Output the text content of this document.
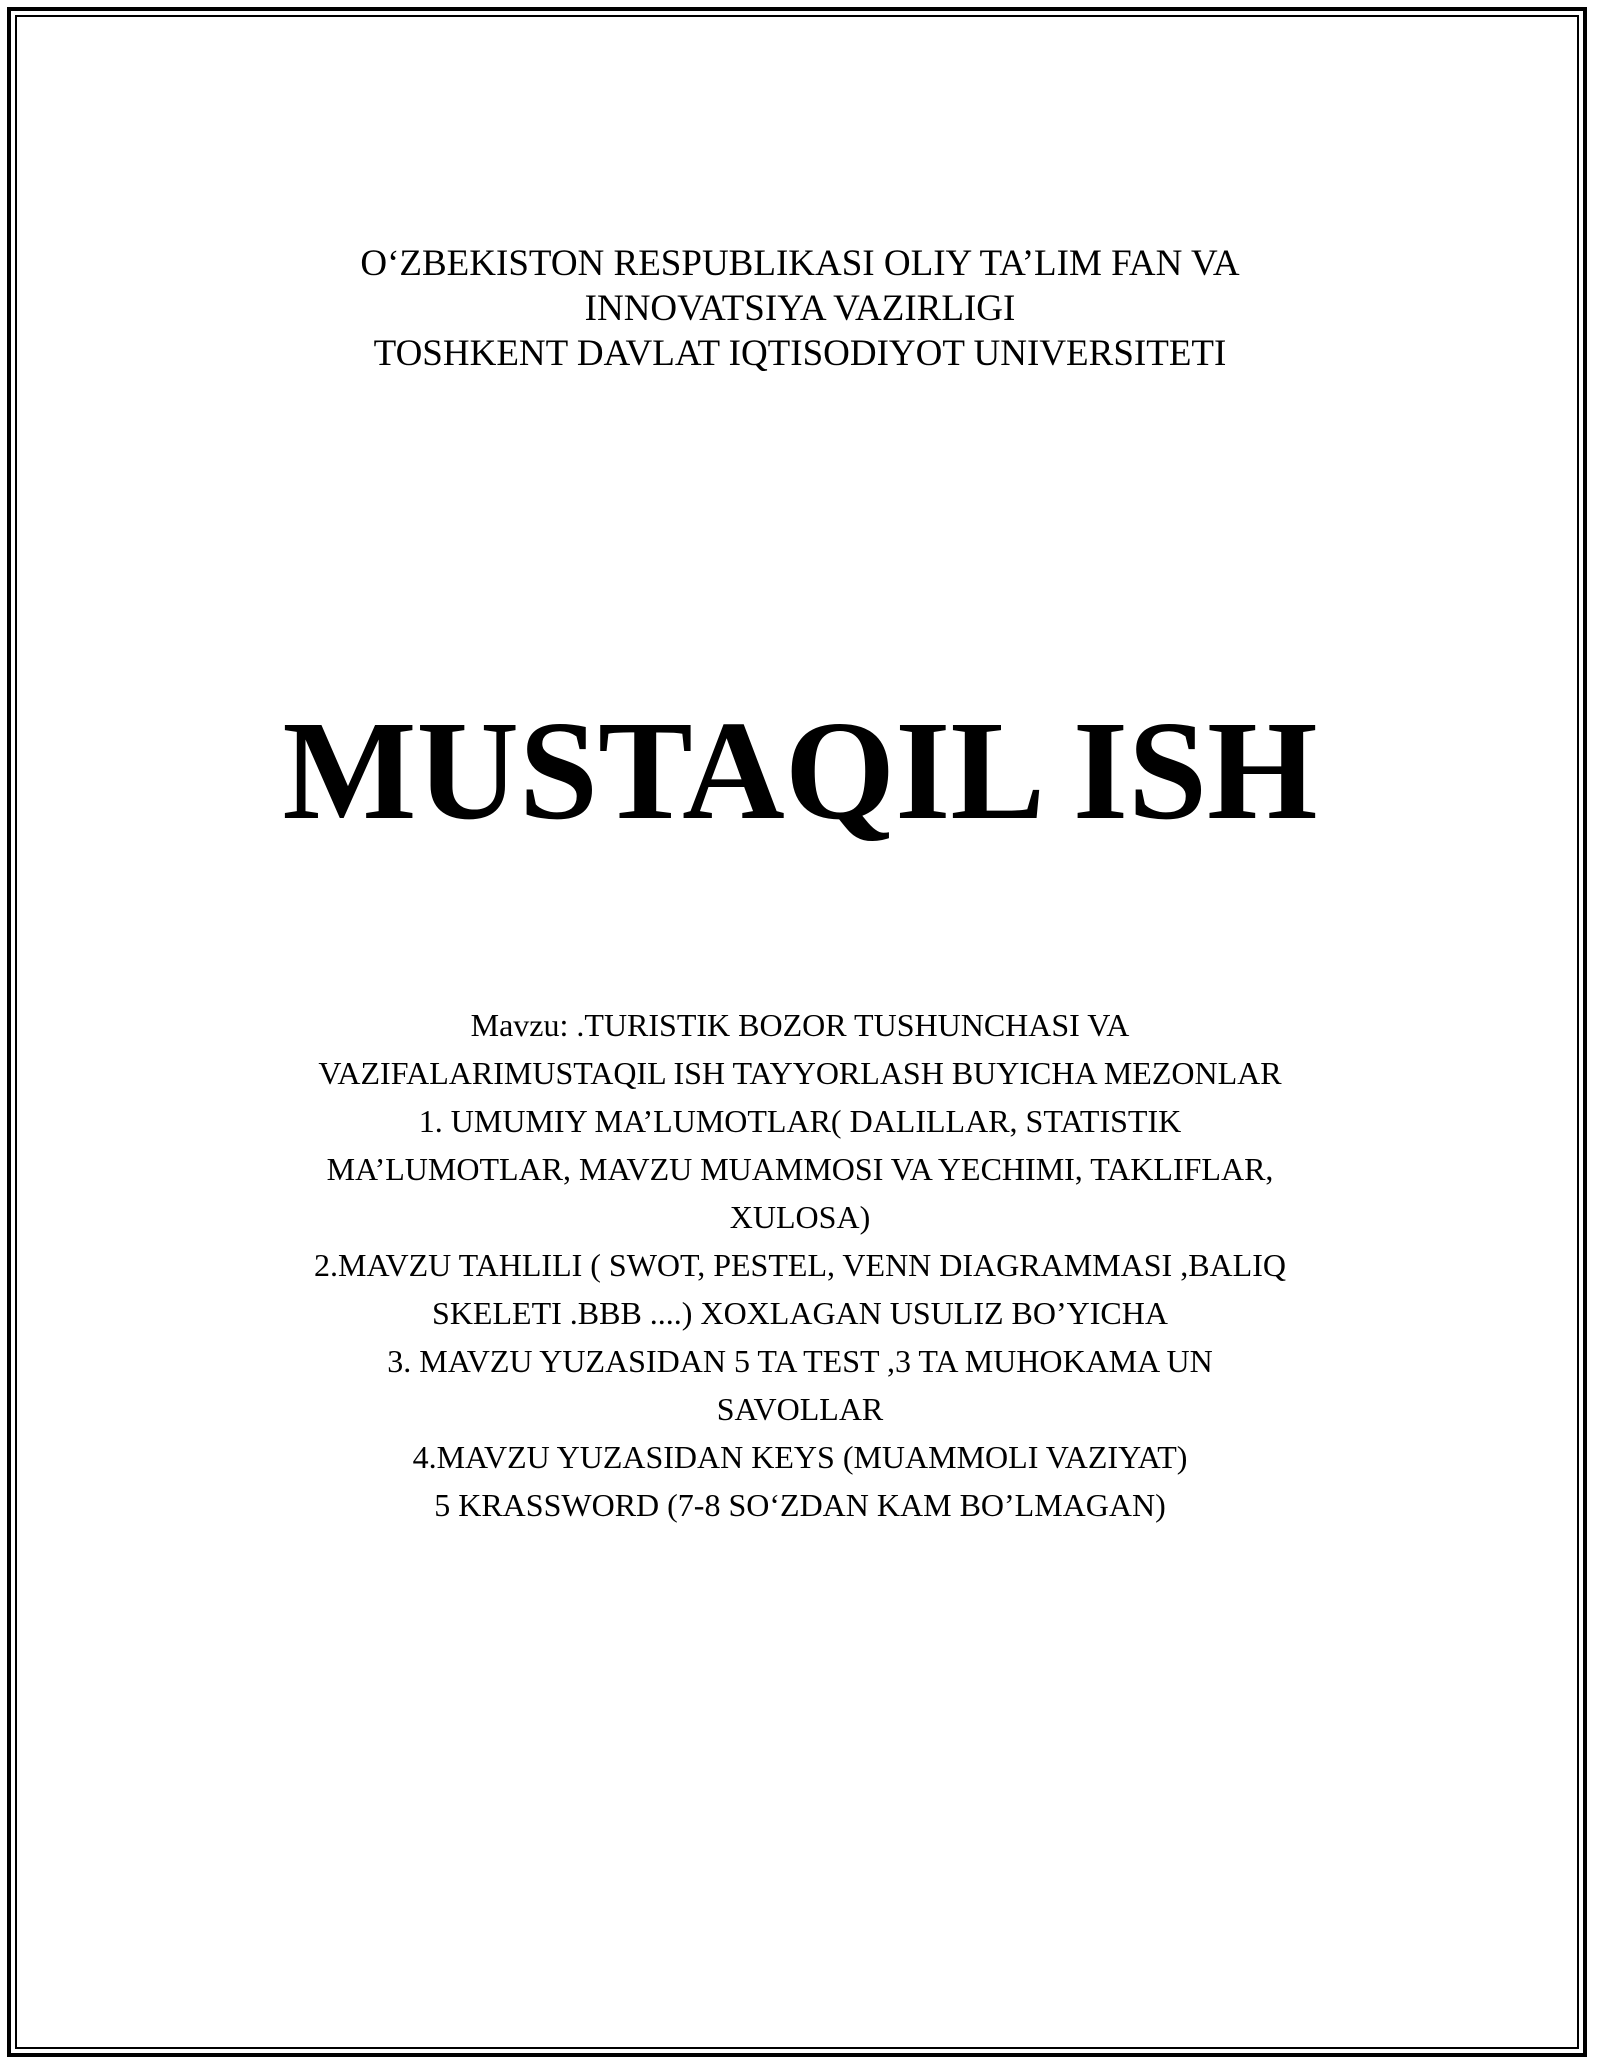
O‘ZBEKISTON RESPUBLIKASI OLIY TA’LIM FAN VA
INNOVATSIYA VAZIRLIGI
TOSHKENT DAVLAT IQTISODIYOT UNIVERSITETI
MUSTAQIL ISH
Mavzu: .TURISTIK BOZOR TUSHUNCHASI VA
VAZIFALARIMUSTAQIL ISH TAYYORLASH BUYICHA MEZONLAR
1. UMUMIY MA’LUMOTLAR( DALILLAR, STATISTIK
MA’LUMOTLAR, MAVZU MUAMMOSI VA YECHIMI, TAKLIFLAR,
XULOSA)
2.MAVZU TAHLILI ( SWOT, PESTEL, VENN DIAGRAMMASI ,BALIQ
SKELETI .BBB ....) XOXLAGAN USULIZ BO’YICHA
3. MAVZU YUZASIDAN 5 TA TEST ,3 TA MUHOKAMA UN
SAVOLLAR
4.MAVZU YUZASIDAN KEYS (MUAMMOLI VAZIYAT)
5 KRASSWORD (7-8 SO‘ZDAN KAM BO’LMAGAN)
